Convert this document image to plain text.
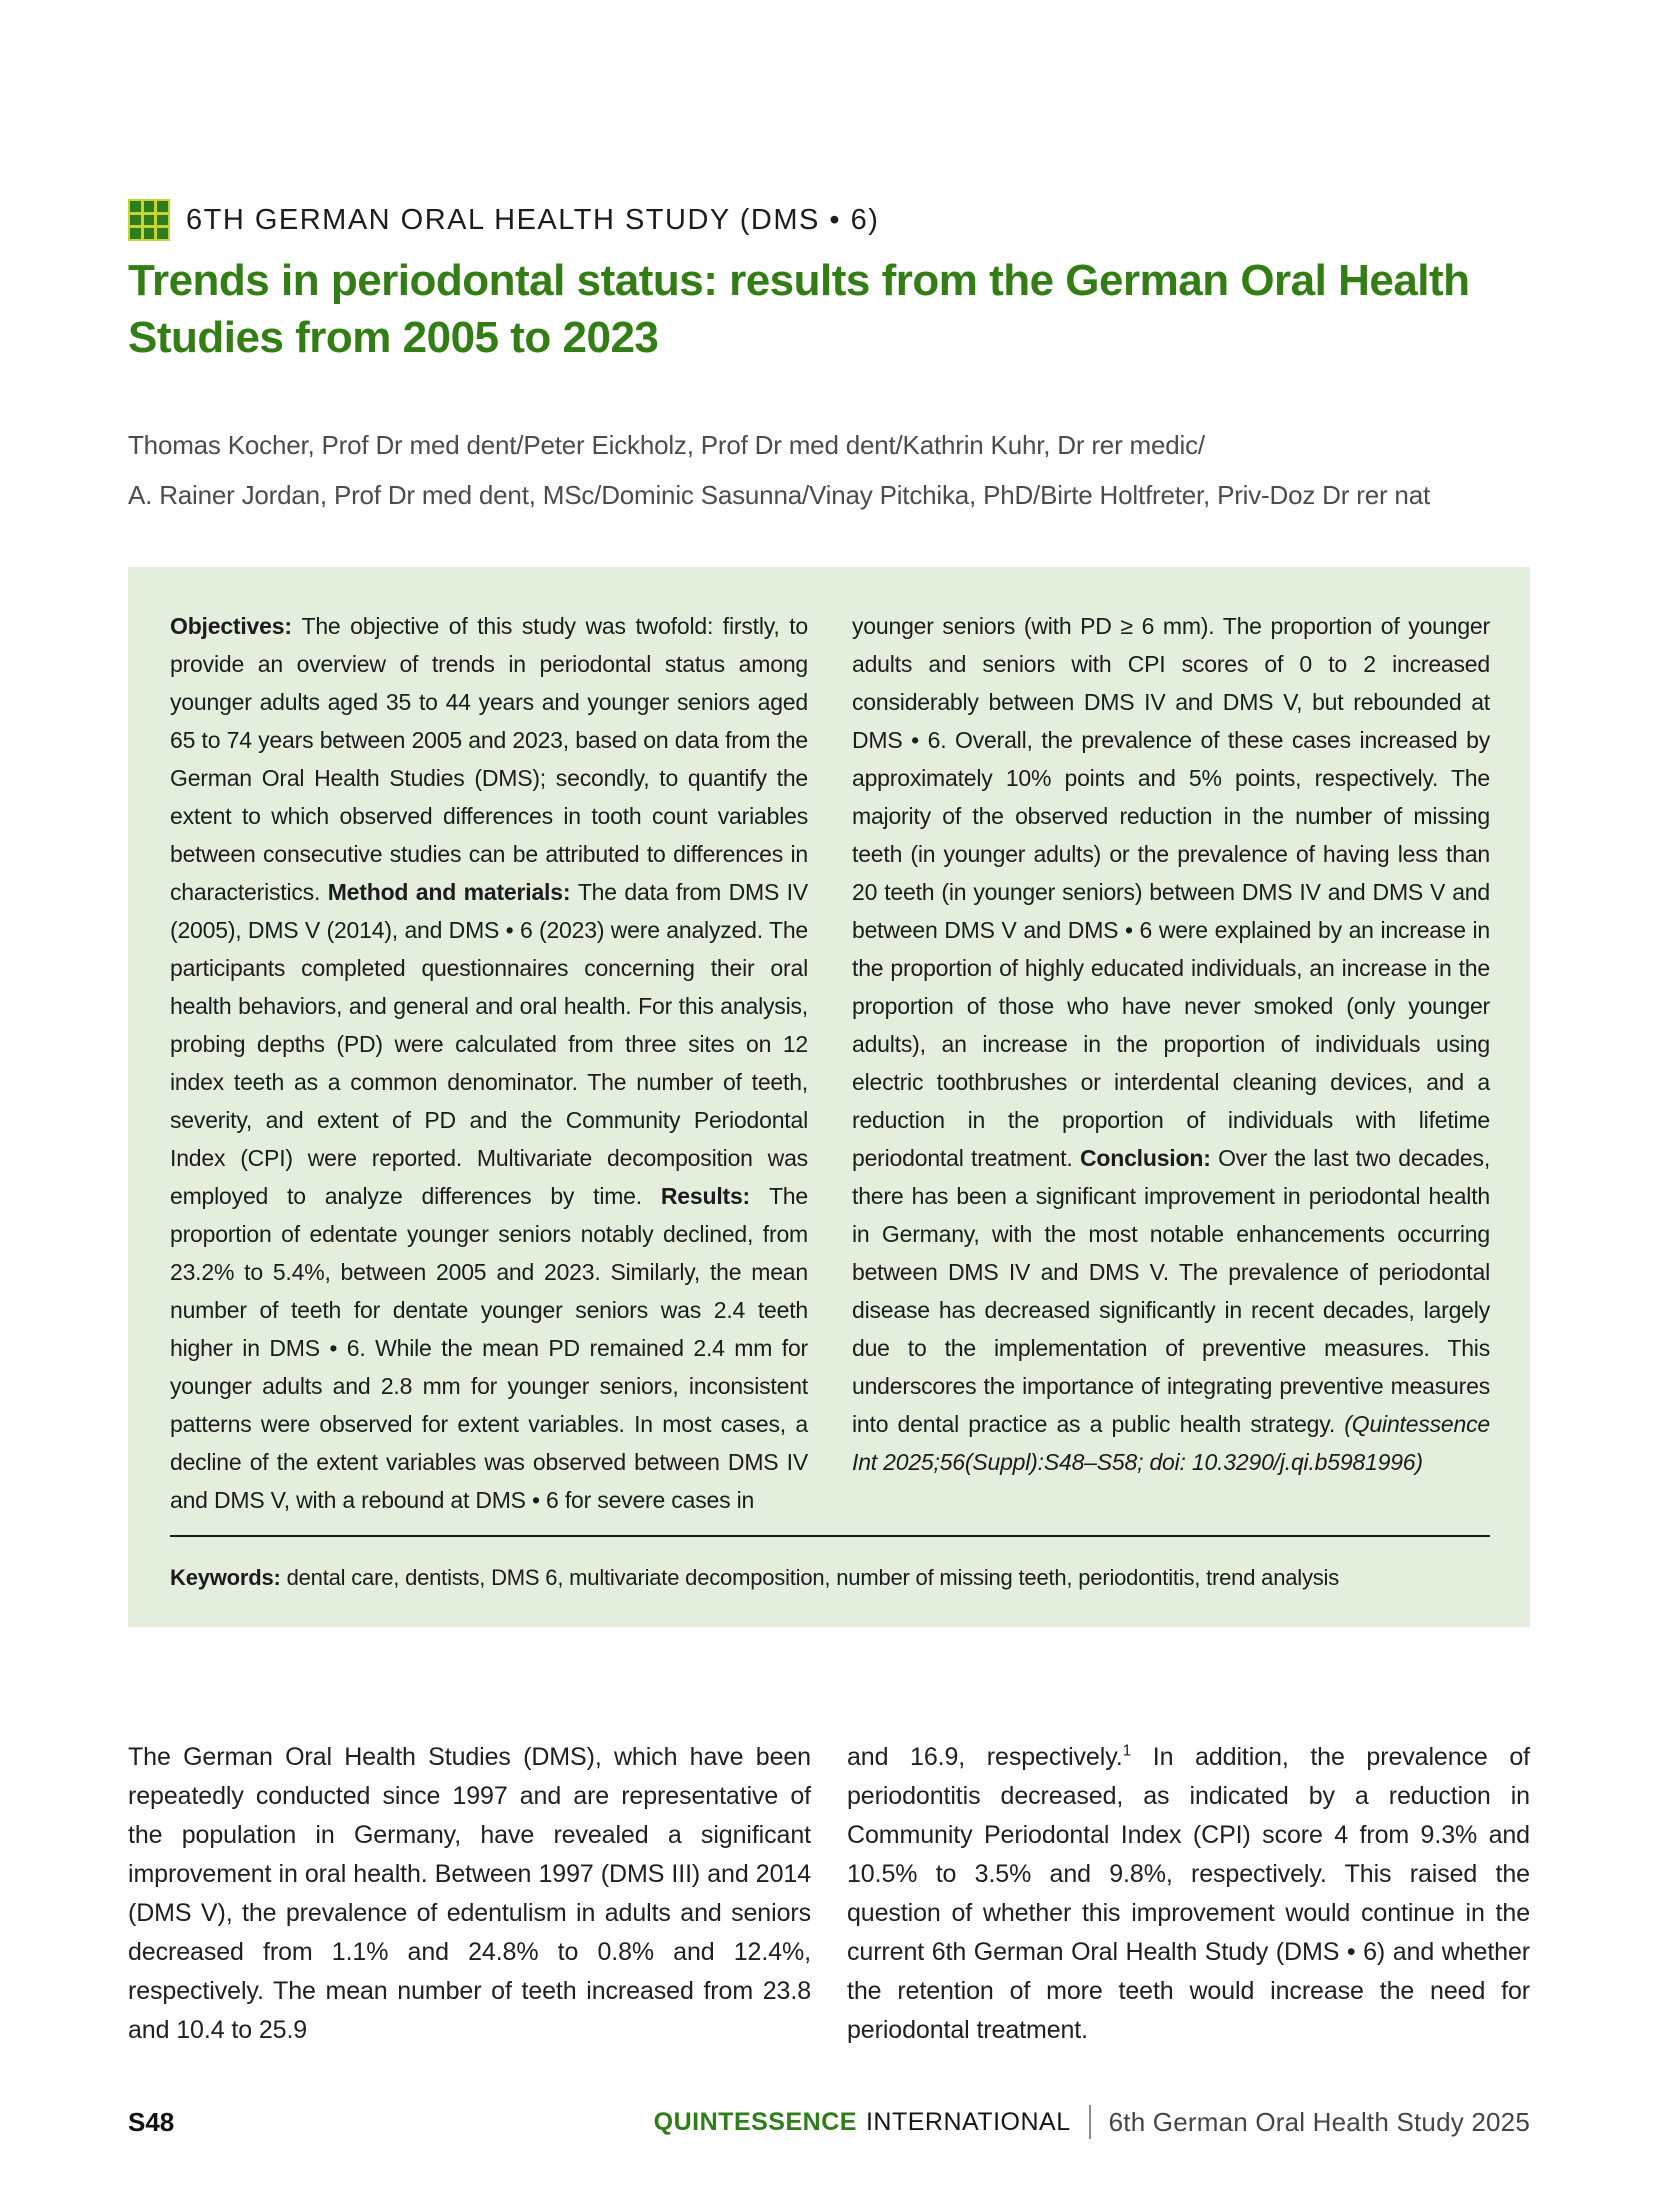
6TH GERMAN ORAL HEALTH STUDY (DMS • 6)
Trends in periodontal status: results from the German Oral Health Studies from 2005 to 2023
Thomas Kocher, Prof Dr med dent/Peter Eickholz, Prof Dr med dent/Kathrin Kuhr, Dr rer medic/
A. Rainer Jordan, Prof Dr med dent, MSc/Dominic Sasunna/Vinay Pitchika, PhD/Birte Holtfreter, Priv-Doz Dr rer nat
Objectives: The objective of this study was twofold: firstly, to provide an overview of trends in periodontal status among younger adults aged 35 to 44 years and younger seniors aged 65 to 74 years between 2005 and 2023, based on data from the German Oral Health Studies (DMS); secondly, to quantify the extent to which observed differences in tooth count variables between consecutive studies can be attributed to differences in characteristics. Method and materials: The data from DMS IV (2005), DMS V (2014), and DMS • 6 (2023) were analyzed. The participants completed questionnaires concerning their oral health behaviors, and general and oral health. For this analysis, probing depths (PD) were calculated from three sites on 12 index teeth as a common denominator. The number of teeth, severity, and extent of PD and the Community Periodontal Index (CPI) were reported. Multivariate decomposition was employed to analyze differences by time. Results: The proportion of edentate younger seniors notably declined, from 23.2% to 5.4%, between 2005 and 2023. Similarly, the mean number of teeth for dentate younger seniors was 2.4 teeth higher in DMS • 6. While the mean PD remained 2.4 mm for younger adults and 2.8 mm for younger seniors, inconsistent patterns were observed for extent variables. In most cases, a decline of the extent variables was observed between DMS IV and DMS V, with a rebound at DMS • 6 for severe cases in
younger seniors (with PD ≥ 6 mm). The proportion of younger adults and seniors with CPI scores of 0 to 2 increased considerably between DMS IV and DMS V, but rebounded at DMS • 6. Overall, the prevalence of these cases increased by approximately 10% points and 5% points, respectively. The majority of the observed reduction in the number of missing teeth (in younger adults) or the prevalence of having less than 20 teeth (in younger seniors) between DMS IV and DMS V and between DMS V and DMS • 6 were explained by an increase in the proportion of highly educated individuals, an increase in the proportion of those who have never smoked (only younger adults), an increase in the proportion of individuals using electric toothbrushes or interdental cleaning devices, and a reduction in the proportion of individuals with lifetime periodontal treatment. Conclusion: Over the last two decades, there has been a significant improvement in periodontal health in Germany, with the most notable enhancements occurring between DMS IV and DMS V. The prevalence of periodontal disease has decreased significantly in recent decades, largely due to the implementation of preventive measures. This underscores the importance of integrating preventive measures into dental practice as a public health strategy. (Quintessence Int 2025;56(Suppl):S48–S58; doi: 10.3290/j.qi.b5981996)
Keywords: dental care, dentists, DMS 6, multivariate decomposition, number of missing teeth, periodontitis, trend analysis
The German Oral Health Studies (DMS), which have been repeatedly conducted since 1997 and are representative of the population in Germany, have revealed a significant improvement in oral health. Between 1997 (DMS III) and 2014 (DMS V), the prevalence of edentulism in adults and seniors decreased from 1.1% and 24.8% to 0.8% and 12.4%, respectively. The mean number of teeth increased from 23.8 and 10.4 to 25.9
and 16.9, respectively.$^1$ In addition, the prevalence of periodontitis decreased, as indicated by a reduction in Community Periodontal Index (CPI) score 4 from 9.3% and 10.5% to 3.5% and 9.8%, respectively. This raised the question of whether this improvement would continue in the current 6th German Oral Health Study (DMS • 6) and whether the retention of more teeth would increase the need for periodontal treatment.
S48	QUINTESSENCE INTERNATIONAL 6th German Oral Health Study 2025
